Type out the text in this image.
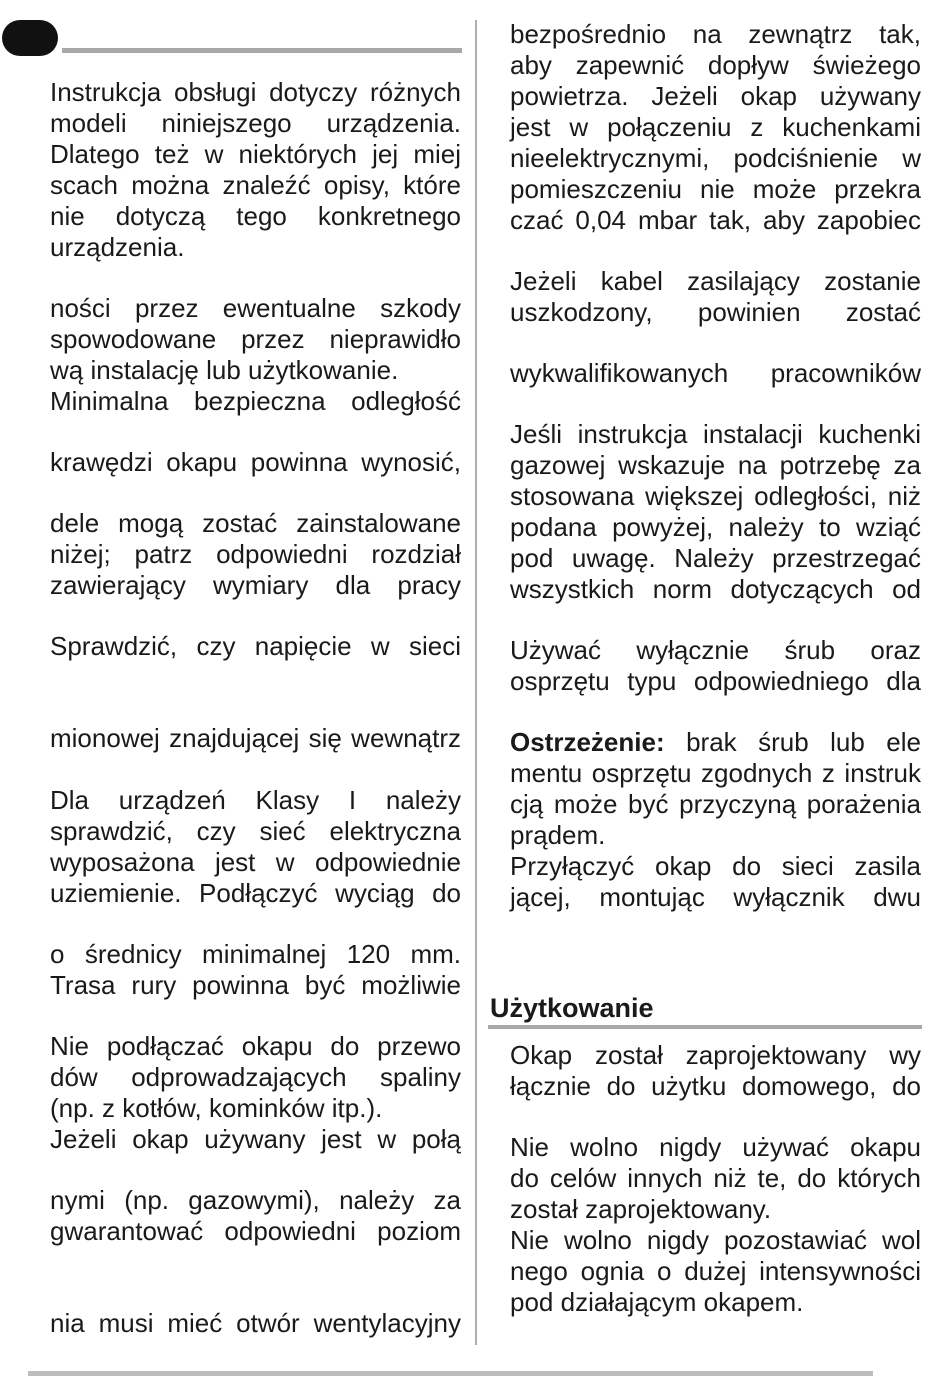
Instrukcja obsługi dotyczy różnych
modeli niniejszego urządzenia.
Dlatego też w niektórych jej miej
scach można znaleźć opisy, które
nie dotyczą tego konkretnego
urządzenia.
ności przez ewentualne szkody
spowodowane przez nieprawidło
wą instalację lub użytkowanie.
Minimalna bezpieczna odległość
krawędzi okapu powinna wynosić,
dele mogą zostać zainstalowane
niżej; patrz odpowiedni rozdział
zawierający wymiary dla pracy
Sprawdzić, czy napięcie w sieci
mionowej znajdującej się wewnątrz
Dla urządzeń Klasy I należy
sprawdzić, czy sieć elektryczna
wyposażona jest w odpowiednie
uziemienie. Podłączyć wyciąg do
o średnicy minimalnej 120 mm.
Trasa rury powinna być możliwie
Nie podłączać okapu do przewo
dów odprowadzających spaliny
(np. z kotłów, kominków itp.).
Jeżeli okap używany jest w połą
nymi (np. gazowymi), należy za
gwarantować odpowiedni poziom
nia musi mieć otwór wentylacyjny
bezpośrednio na zewnątrz tak,
aby zapewnić dopływ świeżego
powietrza. Jeżeli okap używany
jest w połączeniu z kuchenkami
nieelektrycznymi, podciśnienie w
pomieszczeniu nie może przekra
czać 0,04 mbar tak, aby zapobiec
Jeżeli kabel zasilający zostanie
uszkodzony, powinien zostać
wykwalifikowanych pracowników
Jeśli instrukcja instalacji kuchenki
gazowej wskazuje na potrzebę za
stosowana większej odległości, niż
podana powyżej, należy to wziąć
pod uwagę. Należy przestrzegać
wszystkich norm dotyczących od
Używać wyłącznie śrub oraz
osprzętu typu odpowiedniego dla
Ostrzeżenie: brak śrub lub ele
mentu osprzętu zgodnych z instruk
cją może być przyczyną porażenia
prądem.
Przyłączyć okap do sieci zasila
jącej, montując wyłącznik dwu
Okap został zaprojektowany wy
łącznie do użytku domowego, do
Nie wolno nigdy używać okapu
do celów innych niż te, do których
został zaprojektowany.
Nie wolno nigdy pozostawiać wol
nego ognia o dużej intensywności
pod działającym okapem.
Użytkowanie
